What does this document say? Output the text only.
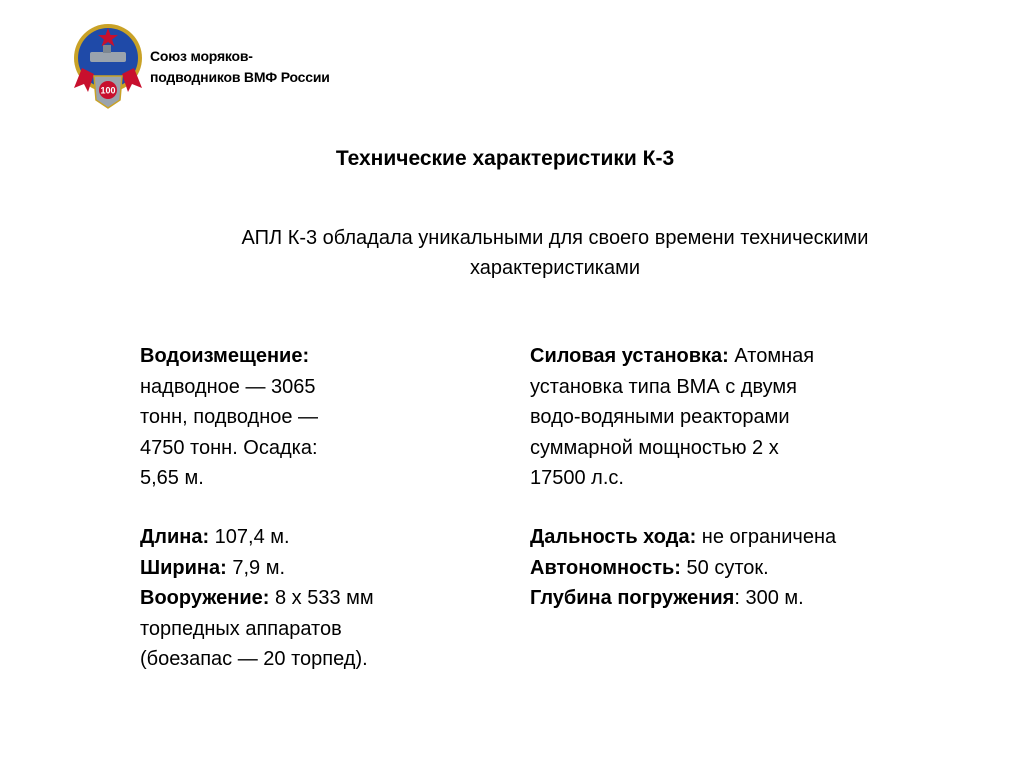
100
Союз моряков-
подводников ВМФ России
Технические характеристики К-3
АПЛ К-3 обладала уникальными для своего времени техническими
характеристиками

Водоизмещение:

надводное — 3065

тонн, подводное —

4750 тонн. Осадка:

5,65 м.

Длина: 107,4 м.

Ширина: 7,9 м.

Вооружение: 8 х 533 мм

торпедных аппаратов

(боезапас — 20 торпед).

Силовая установка: Атомная

установка типа ВМА с двумя

водо-водяными реакторами

суммарной мощностью 2 х

17500 л.с.

Дальность хода: не ограничена

Автономность: 50 суток.

Глубина погружения: 300 м.
